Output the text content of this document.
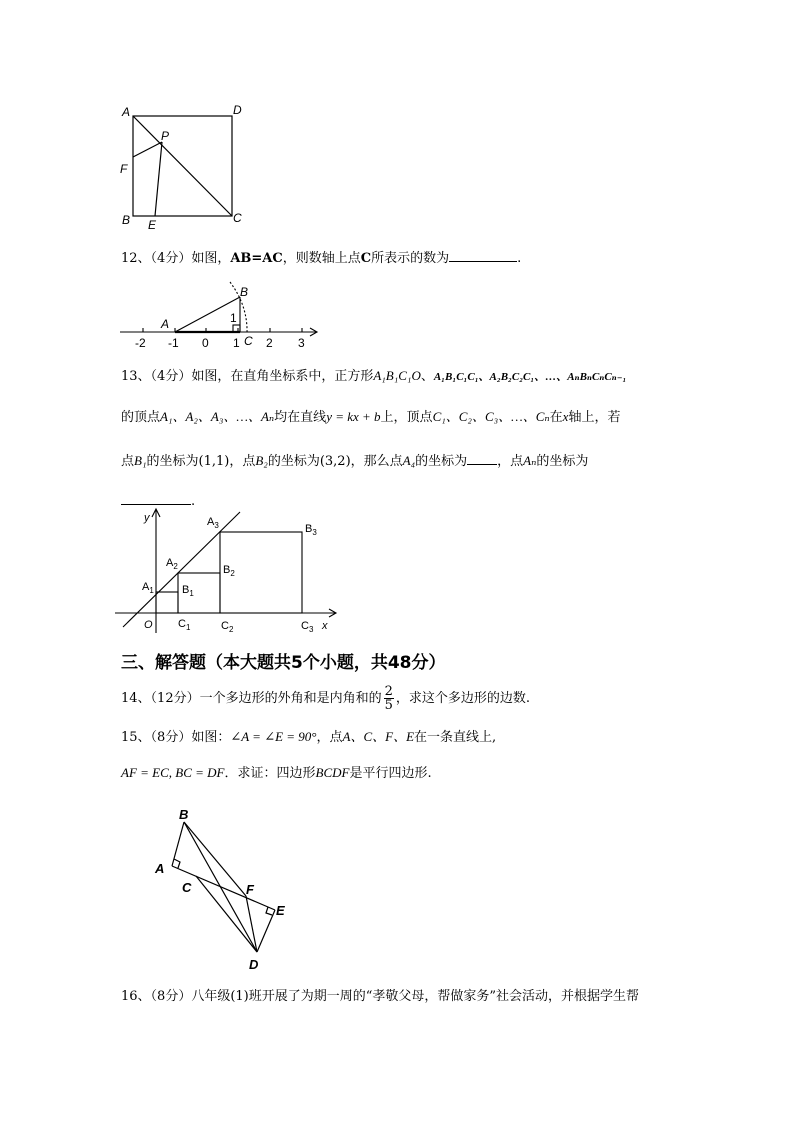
A	D
P
F
B E	C
12、（4分）如图，AB=AC，则数轴上点C所表示的数为	.
-2 -1 0 1 2 3
A
B
C
1
13、（4分）如图，在直角坐标系中，正方形A₁B₁C₁O、A₁B₁C₁C₁、A₂B₂C₂C₁、…、AₙBₙCₙCₙ₋₁
的顶点A₁、A₂、A₃、…、Aₙ均在直线y = kx + b上，顶点C₁、C₂、C₃、…、Cₙ在x轴上，若
点B₁的坐标为(1,1)，点B₂的坐标为(3,2)，那么点A₄的坐标为 ，点Aₙ的坐标为
.
y
x
O
$A_1$
$A_2$
$A_3$
$B_1$
$B_2$
$B_3$
$C_1$	$C_2$	$C_3$
三、解答题（本大题共5个小题，共48分）
14、（12分）一个多边形的外角和是内角和的 $\frac{2}{5}$ ，求这个多边形的边数.
15、（8分）如图：∠A = ∠E = 90°，点A、C、F、E在一条直线上,
AF = EC, BC = DF．求证：四边形BCDF是平行四边形.
B
A
C	F
E
D
16、（8分）八年级(1)班开展了为期一周的“孝敬父母，帮做家务”社会活动，并根据学生帮
